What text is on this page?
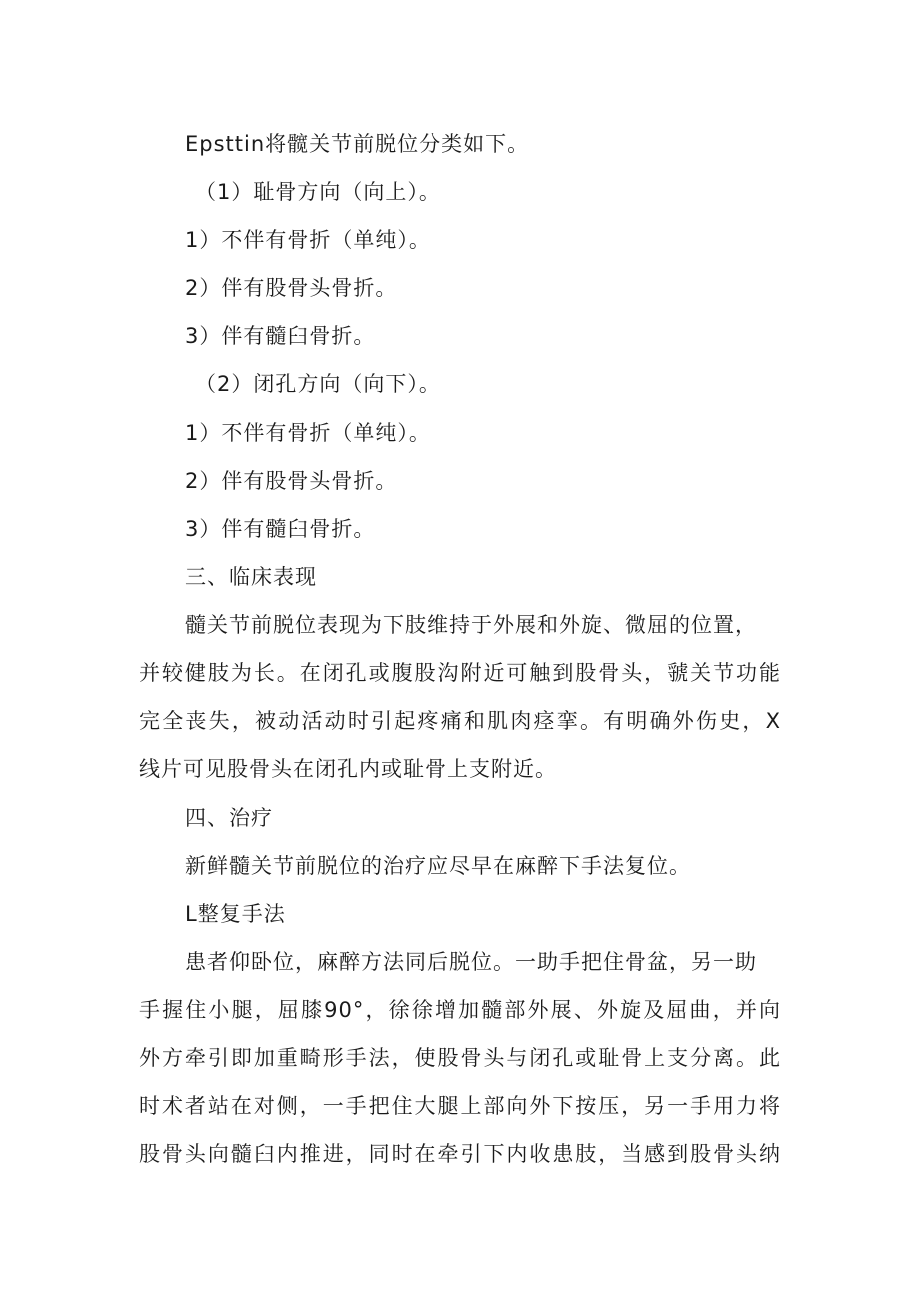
Epsttin将髋关节前脱位分类如下。
（1）耻骨方向（向上）。
1）不伴有骨折（单纯）。
2）伴有股骨头骨折。
3）伴有髓臼骨折。
（2）闭孔方向（向下）。
1）不伴有骨折（单纯）。
2）伴有股骨头骨折。
3）伴有髓臼骨折。
三、临床表现
髓关节前脱位表现为下肢维持于外展和外旋、微屈的位置，
并较健肢为长。在闭孔或腹股沟附近可触到股骨头，虢关节功能
完全丧失，被动活动时引起疼痛和肌肉痉挛。有明确外伤史，X
线片可见股骨头在闭孔内或耻骨上支附近。
四、治疗
新鲜髓关节前脱位的治疗应尽早在麻醉下手法复位。
L整复手法
患者仰卧位，麻醉方法同后脱位。一助手把住骨盆，另一助
手握住小腿，屈膝90°，徐徐增加髓部外展、外旋及屈曲，并向
外方牵引即加重畸形手法，使股骨头与闭孔或耻骨上支分离。此
时术者站在对侧，一手把住大腿上部向外下按压，另一手用力将
股骨头向髓臼内推进，同时在牵引下内收患肢，当感到股骨头纳
